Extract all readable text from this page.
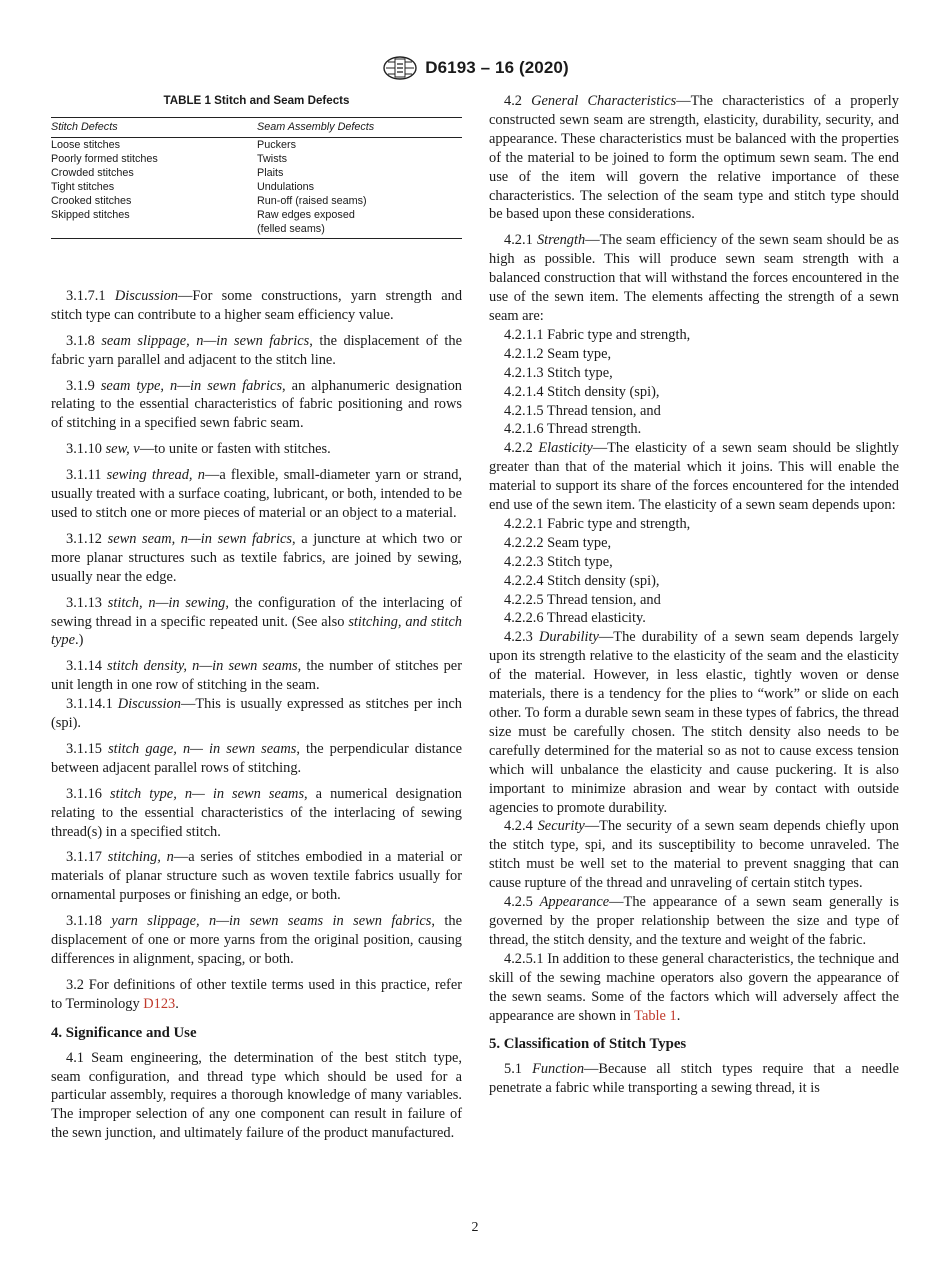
D6193 – 16 (2020)
TABLE 1 Stitch and Seam Defects
Stitch Defects	Seam Assembly Defects

Loose stitches	Puckers
Poorly formed stitches	Twists
Crowded stitches	Plaits
Tight stitches	Undulations
Crooked stitches	Run-off (raised seams)
Skipped stitches	Raw edges exposed
(felled seams)

3.1.7.1 Discussion—For some constructions, yarn strength and stitch type can contribute to a higher seam efficiency value.

3.1.8 seam slippage, n—in sewn fabrics, the displacement of the fabric yarn parallel and adjacent to the stitch line.

3.1.9 seam type, n—in sewn fabrics, an alphanumeric designation relating to the essential characteristics of fabric positioning and rows of stitching in a specified sewn fabric seam.

3.1.10 sew, v—to unite or fasten with stitches.

3.1.11 sewing thread, n—a flexible, small-diameter yarn or strand, usually treated with a surface coating, lubricant, or both, intended to be used to stitch one or more pieces of material or an object to a material.

3.1.12 sewn seam, n—in sewn fabrics, a juncture at which two or more planar structures such as textile fabrics, are joined by sewing, usually near the edge.

3.1.13 stitch, n—in sewing, the configuration of the interlacing of sewing thread in a specific repeated unit. (See also stitching, and stitch type.)

3.1.14 stitch density, n—in sewn seams, the number of stitches per unit length in one row of stitching in the seam.

3.1.14.1 Discussion—This is usually expressed as stitches per inch (spi).

3.1.15 stitch gage, n— in sewn seams, the perpendicular distance between adjacent parallel rows of stitching.

3.1.16 stitch type, n— in sewn seams, a numerical designation relating to the essential characteristics of the interlacing of sewing thread(s) in a specified stitch.

3.1.17 stitching, n—a series of stitches embodied in a material or materials of planar structure such as woven textile fabrics usually for ornamental purposes or finishing an edge, or both.

3.1.18 yarn slippage, n—in sewn seams in sewn fabrics, the displacement of one or more yarns from the original position, causing differences in alignment, spacing, or both.

3.2 For definitions of other textile terms used in this practice, refer to Terminology D123.

4. Significance and Use

4.1 Seam engineering, the determination of the best stitch type, seam configuration, and thread type which should be used for a particular assembly, requires a thorough knowledge of many variables. The improper selection of any one component can result in failure of the sewn junction, and ultimately failure of the product manufactured.

4.2 General Characteristics—The characteristics of a properly constructed sewn seam are strength, elasticity, durability, security, and appearance. These characteristics must be balanced with the properties of the material to be joined to form the optimum sewn seam. The end use of the item will govern the relative importance of these characteristics. The selection of the seam type and stitch type should be based upon these considerations.

4.2.1 Strength—The seam efficiency of the sewn seam should be as high as possible. This will produce sewn seam strength with a balanced construction that will withstand the forces encountered in the use of the sewn item. The elements affecting the strength of a sewn seam are:

4.2.1.1 Fabric type and strength,
4.2.1.2 Seam type,
4.2.1.3 Stitch type,
4.2.1.4 Stitch density (spi),
4.2.1.5 Thread tension, and
4.2.1.6 Thread strength.

4.2.2 Elasticity—The elasticity of a sewn seam should be slightly greater than that of the material which it joins. This will enable the material to support its share of the forces encountered for the intended end use of the sewn item. The elasticity of a sewn seam depends upon:

4.2.2.1 Fabric type and strength,
4.2.2.2 Seam type,
4.2.2.3 Stitch type,
4.2.2.4 Stitch density (spi),
4.2.2.5 Thread tension, and
4.2.2.6 Thread elasticity.

4.2.3 Durability—The durability of a sewn seam depends largely upon its strength relative to the elasticity of the seam and the elasticity of the material. However, in less elastic, tightly woven or dense materials, there is a tendency for the plies to “work” or slide on each other. To form a durable sewn seam in these types of fabrics, the thread size must be carefully chosen. The stitch density also needs to be carefully determined for the material so as not to cause excess tension which will unbalance the elasticity and cause puckering. It is also important to minimize abrasion and wear by contact with outside agencies to promote durability.

4.2.4 Security—The security of a sewn seam depends chiefly upon the stitch type, spi, and its susceptibility to become unraveled. The stitch must be well set to the material to prevent snagging that can cause rupture of the thread and unraveling of certain stitch types.

4.2.5 Appearance—The appearance of a sewn seam generally is governed by the proper relationship between the size and type of thread, the stitch density, and the texture and weight of the fabric.

4.2.5.1 In addition to these general characteristics, the technique and skill of the sewing machine operators also govern the appearance of the sewn seams. Some of the factors which will adversely affect the appearance are shown in Table 1.

5. Classification of Stitch Types

5.1 Function—Because all stitch types require that a needle penetrate a fabric while transporting a sewing thread, it is

2
